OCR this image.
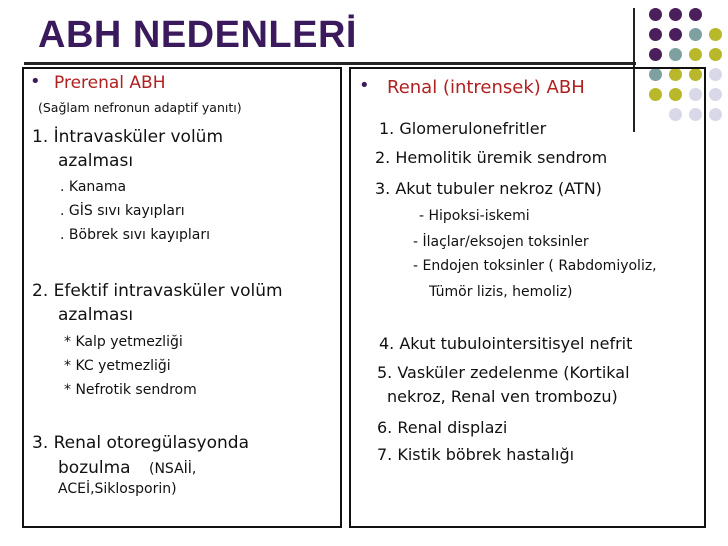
ABH NEDENLERİ
• Prerenal ABH
(Sağlam nefronun adaptif yanıtı)
1. İntravasküler volüm
azalması
. Kanama
. GİS sıvı kayıpları
. Böbrek sıvı kayıpları
2. Efektif intravasküler volüm
azalması
* Kalp yetmezliği
* KC yetmezliği
* Nefrotik sendrom
3. Renal otoregülasyonda
bozulma (NSAİİ,
ACEİ,Siklosporin)
• Renal (intrensek) ABH
1. Glomerulonefritler
2. Hemolitik üremik sendrom
3. Akut tubuler nekroz (ATN)
- Hipoksi-iskemi
- İlaçlar/eksojen toksinler
- Endojen toksinler ( Rabdomiyoliz,
Tümör lizis, hemoliz)
4. Akut tubulointersitisyel nefrit
5. Vasküler zedelenme (Kortikal
nekroz, Renal ven trombozu)
6. Renal displazi
7. Kistik böbrek hastalığı
